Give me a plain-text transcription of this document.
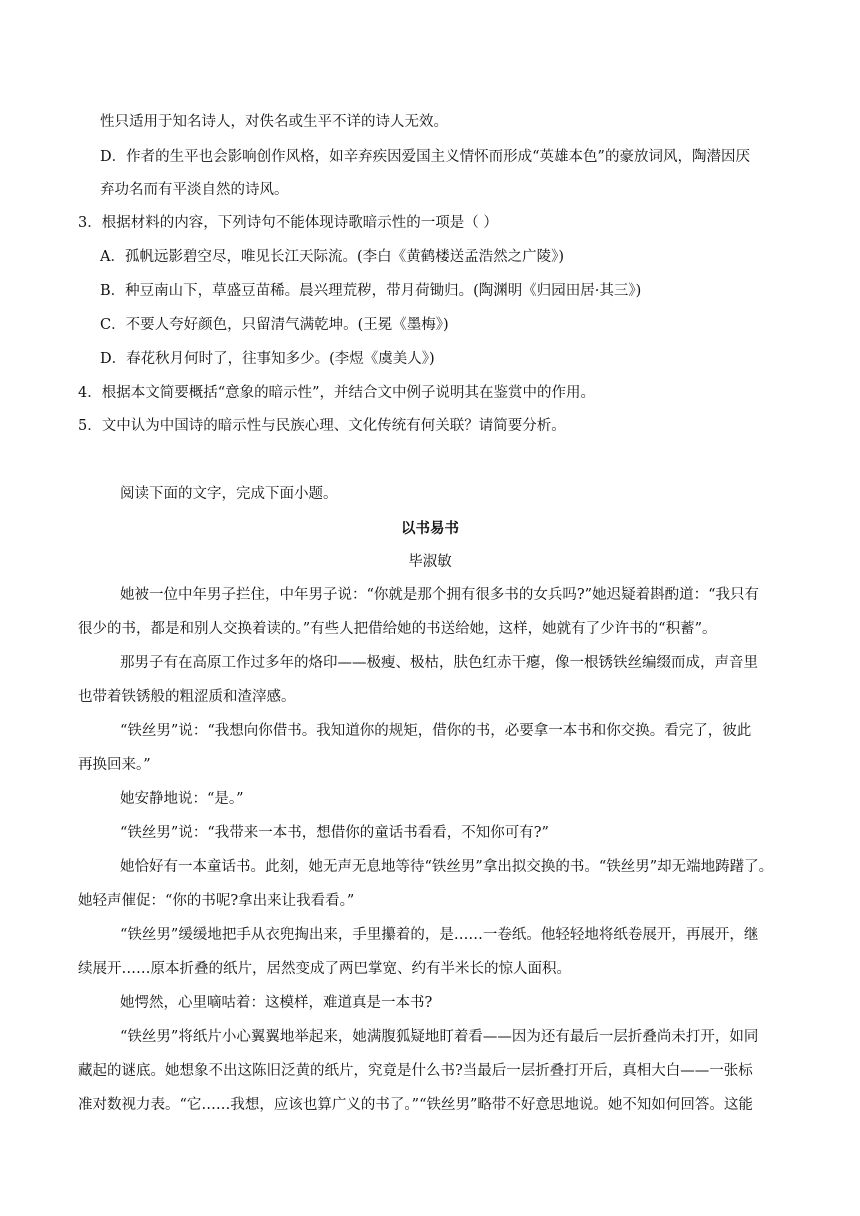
性只适用于知名诗人，对佚名或生平不详的诗人无效。
D．作者的生平也会影响创作风格，如辛弃疾因爱国主义情怀而形成“英雄本色”的豪放词风，陶潜因厌
弃功名而有平淡自然的诗风。
3．根据材料的内容，下列诗句不能体现诗歌暗示性的一项是（ ）
A．孤帆远影碧空尽，唯见长江天际流。(李白《黄鹤楼送孟浩然之广陵》)
B．种豆南山下，草盛豆苗稀。晨兴理荒秽，带月荷锄归。(陶渊明《归园田居·其三》)
C．不要人夸好颜色，只留清气满乾坤。(王冕《墨梅》)
D．春花秋月何时了，往事知多少。(李煜《虞美人》)
4．根据本文简要概括“意象的暗示性”，并结合文中例子说明其在鉴赏中的作用。
5．文中认为中国诗的暗示性与民族心理、文化传统有何关联？请简要分析。
阅读下面的文字，完成下面小题。
以书易书
毕淑敏
她被一位中年男子拦住，中年男子说：“你就是那个拥有很多书的女兵吗?”她迟疑着斟酌道：“我只有
很少的书，都是和别人交换着读的。”有些人把借给她的书送给她，这样，她就有了少许书的“积蓄”。
那男子有在高原工作过多年的烙印——极瘦、极枯，肤色红赤干瘪，像一根锈铁丝编缀而成，声音里
也带着铁锈般的粗涩质和渣滓感。
“铁丝男”说：“我想向你借书。我知道你的规矩，借你的书，必要拿一本书和你交换。看完了，彼此
再换回来。”
她安静地说：“是。”
“铁丝男”说：“我带来一本书，想借你的童话书看看，不知你可有?”
她恰好有一本童话书。此刻，她无声无息地等待“铁丝男”拿出拟交换的书。“铁丝男”却无端地踌躇了。
她轻声催促：“你的书呢?拿出来让我看看。”
“铁丝男”缓缓地把手从衣兜掏出来，手里攥着的，是……一卷纸。他轻轻地将纸卷展开，再展开，继
续展开……原本折叠的纸片，居然变成了两巴掌宽、约有半米长的惊人面积。
她愕然，心里嘀咕着：这模样，难道真是一本书?
“铁丝男”将纸片小心翼翼地举起来，她满腹狐疑地盯着看——因为还有最后一层折叠尚未打开，如同
藏起的谜底。她想象不出这陈旧泛黄的纸片，究竟是什么书?当最后一层折叠打开后，真相大白——一张标
准对数视力表。“它……我想，应该也算广义的书了。”“铁丝男”略带不好意思地说。她不知如何回答。这能
